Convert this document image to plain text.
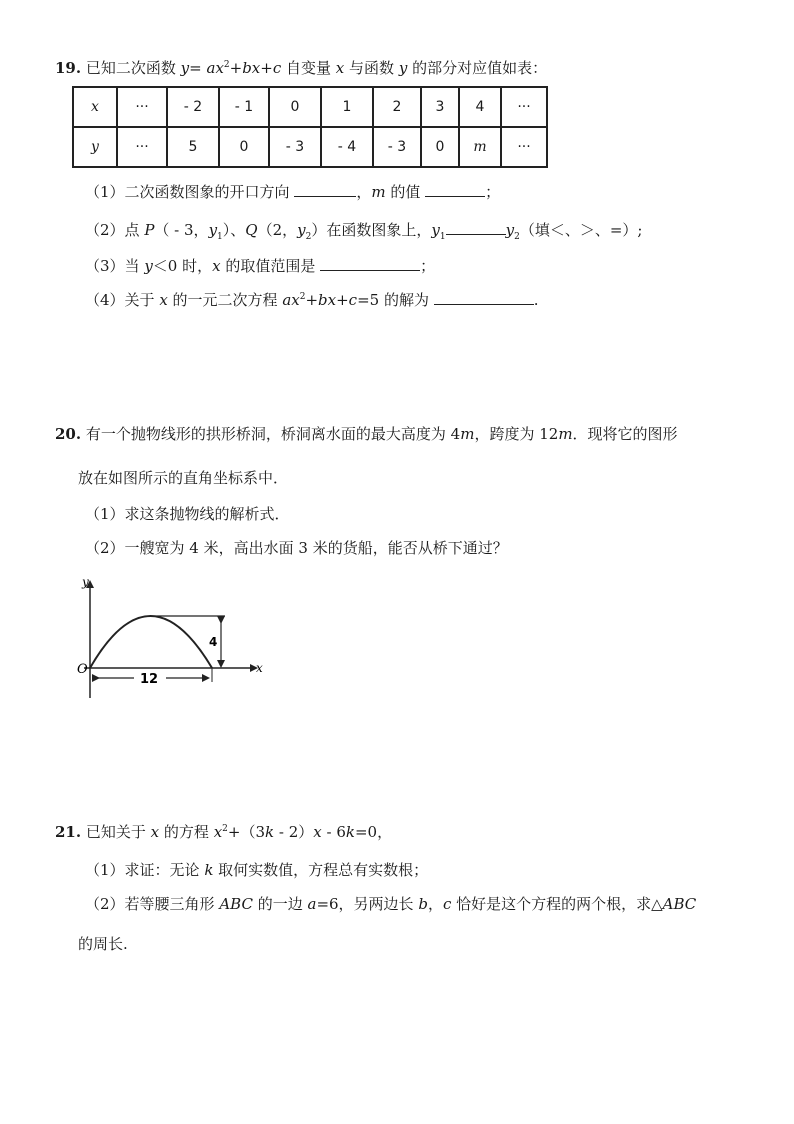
19. 已知二次函数 $y= ax^2+bx+c$ 自变量 x 与函数 y 的部分对应值如表：
x	···	- 2	- 1	0	1	2	3	4	···
y	···	5	0	- 3	- 4	- 3	0	m	···
（1）二次函数图象的开口方向	，m 的值	；
（2）点 P（ - 3，$y_1$）、Q（2，$y_2$）在函数图象上，$y_1$	$y_2$（填＜、＞、=）;
（3）当 y＜0 时，x 的取值范围是	；
（4）关于 x 的一元二次方程 $ax^2+bx+c=5$ 的解为	.
20. 有一个抛物线形的拱形桥洞，桥洞离水面的最大高度为 4m，跨度为 12m．现将它的图形
放在如图所示的直角坐标系中．
（1）求这条抛物线的解析式．
（2）一艘宽为 4 米，高出水面 3 米的货船，能否从桥下通过？
y
x
O
4
12
21. 已知关于 x 的方程 $x^2+(3k - 2)x - 6k=0$，
（1）求证：无论 k 取何实数值，方程总有实数根；
（2）若等腰三角形 ABC 的一边 a=6，另两边长 b，c 恰好是这个方程的两个根，求△ABC
的周长.
